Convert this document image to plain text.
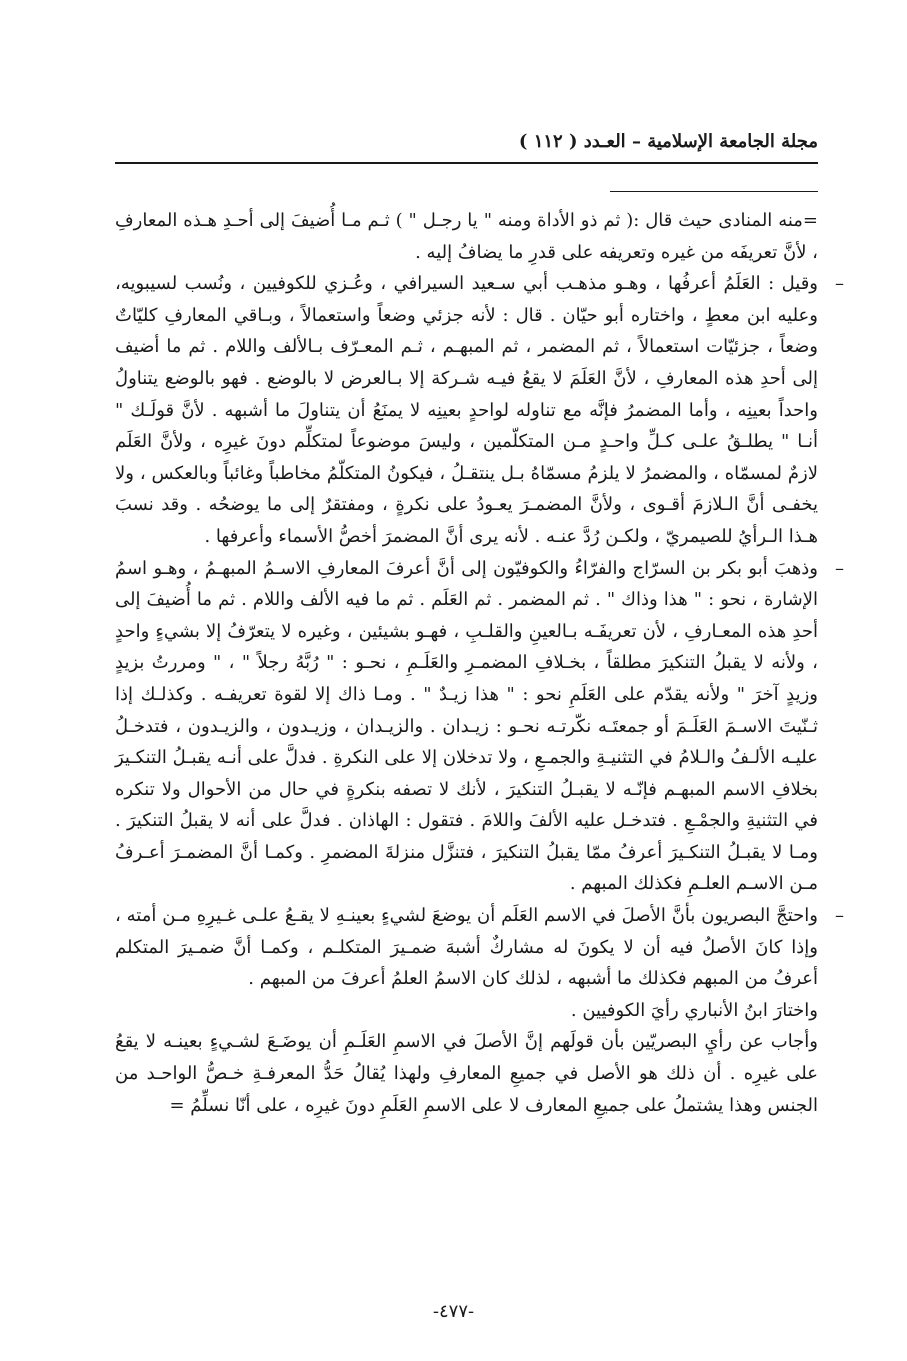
مجلة الجامعة الإسلامية – العـدد ( ١١٢ )

=منه المنادى حيث قال :( ثم ذو الأداة ومنه " يا رجـل " ) ثـم مـا أُضيفَ إلى أحـدِ هـذه المعارفِ ، لأنَّ تعريفَه من غيره وتعريفه على قدرِ ما يضافُ إليه .

–
وقيل : العَلَمُ أعرفُها ، وهـو مذهـب أبي سـعيد السيرافي ، وعُـزي للكوفيين ، ونُسب لسيبويه، وعليه ابن معطٍ ، واختاره أبو حيّان . قال : لأنه جزئي وضعاً واستعمالاً ، وبـاقي المعارفِ كليّاتٌ وضعاً ، جزئيّات استعمالاً ، ثم المضمر ، ثم المبهـم ، ثـم المعـرّف بـالألف واللام . ثم ما أضيف إلى أحدِ هذه المعارفِ ، لأنَّ العَلَمَ لا يقعُ فيـه شـركة إلا بـالعرض لا بالوضع . فهو بالوضع يتناولُ واحداً بعينِه ، وأما المضمرُ فإنَّه مع تناوله لواحدٍ بعينِه لا يمنَعُ أن يتناولَ ما أشبهه . لأنَّ قولَـك " أنـا " يطلـقُ علـى كـلِّ واحـدٍ مـن المتكلّمين ، وليسَ موضوعاً لمتكلِّم دونَ غيرِه ، ولأنَّ العَلَم لازمٌ لمسمّاه ، والمضمرُ لا يلزمُ مسمّاهُ بـل ينتقـلُ ، فيكونُ المتكلّمُ مخاطباً وغائباً وبالعكس ، ولا يخفـى أنَّ الـلازمَ أقـوى ، ولأنَّ المضمـرَ يعـودُ على نكرةٍ ، ومفتقرٌ إلى ما يوضحُه . وقد نسبَ هـذا الـرأيُ للصيمريّ ، ولكـن رُدَّ عنـه . لأنه يرى أنَّ المضمرَ أخصُّ الأسماء وأعرفها .

–
وذهبَ أبو بكر بن السرّاج والفرّاءُ والكوفيّون إلى أنَّ أعرفَ المعارفِ الاسـمُ المبهـمُ ، وهـو اسمُ الإشارة ، نحو : " هذا وذاك " . ثم المضمر . ثم العَلَم . ثم ما فيه الألف واللام . ثم ما أُضيفَ إلى أحدِ هذه المعـارفِ ، لأن تعريفَـه بـالعينِ والقلـبِ ، فهـو بشيئين ، وغيره لا يتعرّفُ إلا بشيءٍ واحدٍ ، ولأنه لا يقبلُ التنكيرَ مطلقاً ، بخـلافِ المضمـرِ والعَلَـمِ ، نحـو : " رُبَّهُ رجلاً " ، " ومررتُ بزيدٍ وزيدٍ آخرَ " ولأنه يقدّم على العَلَمِ نحو : " هذا زيـدٌ " . ومـا ذاك إلا لقوة تعريفـه . وكذلـك إذا ثـنّيتَ الاسـمَ العَلَـمَ أو جمعتَـه نكّرتـه نحـو : زيـدان . والزيـدان ، وزيـدون ، والزيـدون ، فتدخـلُ عليـه الألـفُ والـلامُ في التثنيـةِ والجمـعِ ، ولا تدخلان إلا على النكرةِ . فدلَّ على أنـه يقبـلُ التنكـيرَ بخلافِ الاسم المبهـم فإنّـه لا يقبـلُ التنكيرَ ، لأنك لا تصفه بنكرةٍ في حال من الأحوال ولا تنكره في التثنيةِ والجمْـعِ . فتدخـل عليه الألفَ واللامَ . فتقول : الهاذان . فدلَّ على أنه لا يقبلُ التنكيرَ . ومـا لا يقبـلُ التنكـيرَ أعرفُ ممّا يقبلُ التنكيرَ ، فتنزَّل منزلةَ المضمرِ . وكمـا أنَّ المضمـرَ أعـرفُ مـن الاسـم العلـمِ فكذلك المبهم .

–
واحتجَّ البصريون بأنَّ الأصلَ في الاسم العَلَم أن يوضعَ لشيءٍ بعينـهِ لا يقـعُ علـى غـيرِهِ مـن أمته ، وإذا كانَ الأصلُ فيه أن لا يكونَ له مشاركٌ أشبهَ ضمـيرَ المتكلـم ، وكمـا أنَّ ضمـيرَ المتكلم أعرفُ من المبهم فكذلك ما أشبهه ، لذلك كان الاسمُ العلمُ أعرفَ من المبهم .

واختارَ ابنُ الأنباري رأيَ الكوفيين .

وأجاب عن رأيِ البصريّين بأن قولَهم إنَّ الأصلَ في الاسمِ العَلَـمِ أن يوضَـعَ لشـيءٍ بعينـه لا يقعُ على غيرِه . أن ذلك هو الأصل في جميعِ المعارفِ ولهذا يُقالُ حَدُّ المعرفـةِ خـصُّ الواحـد من الجنس وهذا يشتملُ على جميعِ المعارف لا على الاسمِ العَلَمِ دونَ غيرِه ، على أنّا نسلِّمُ =

-٤٧٧-
